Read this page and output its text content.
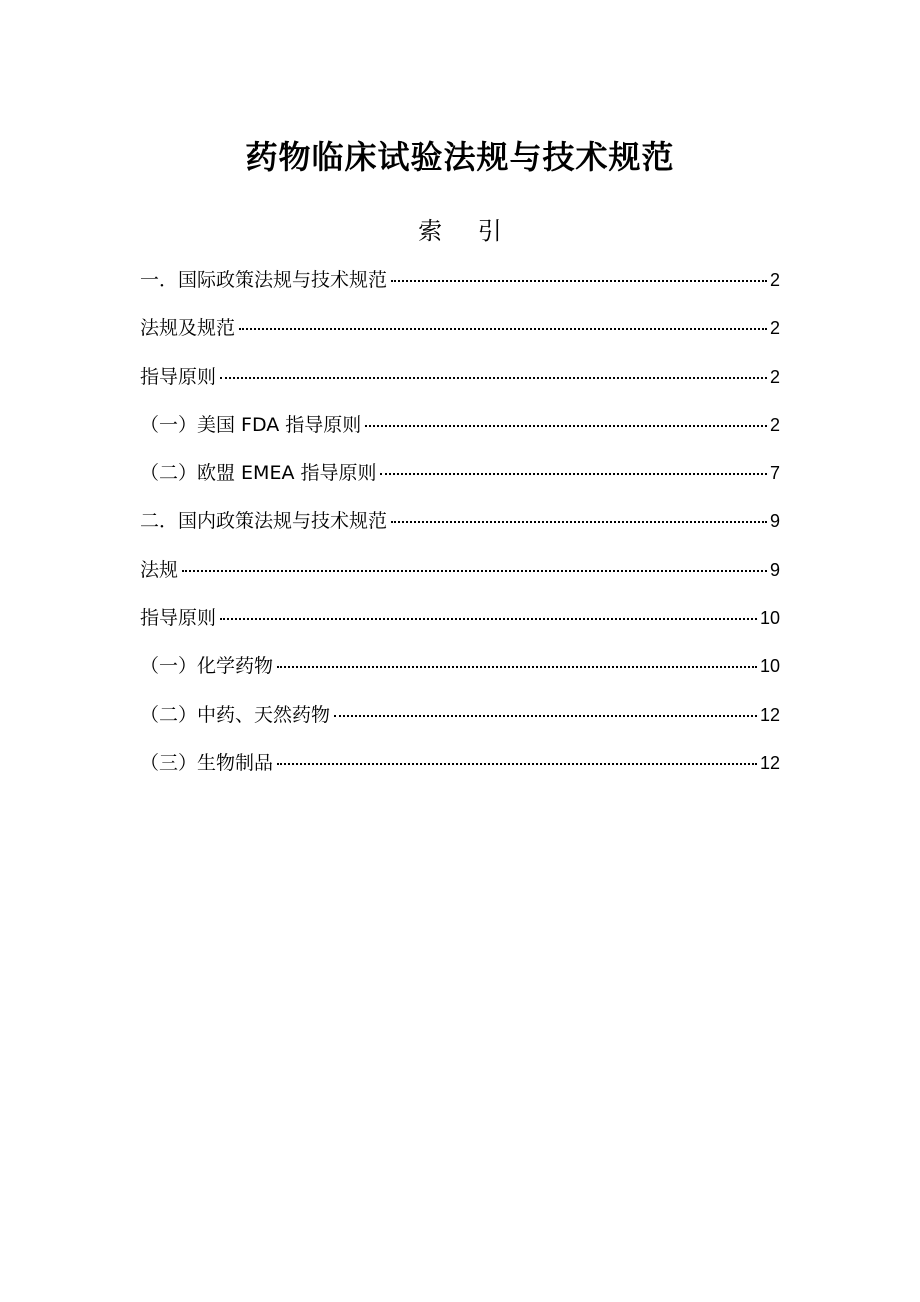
药物临床试验法规与技术规范
索 引
一．国际政策法规与技术规范	2
法规及规范	2
指导原则	2
（一）美国 FDA 指导原则	2
（二）欧盟 EMEA 指导原则	7
二．国内政策法规与技术规范	9
法规	9
指导原则	10
（一）化学药物	10
（二）中药、天然药物	12
（三）生物制品	12
